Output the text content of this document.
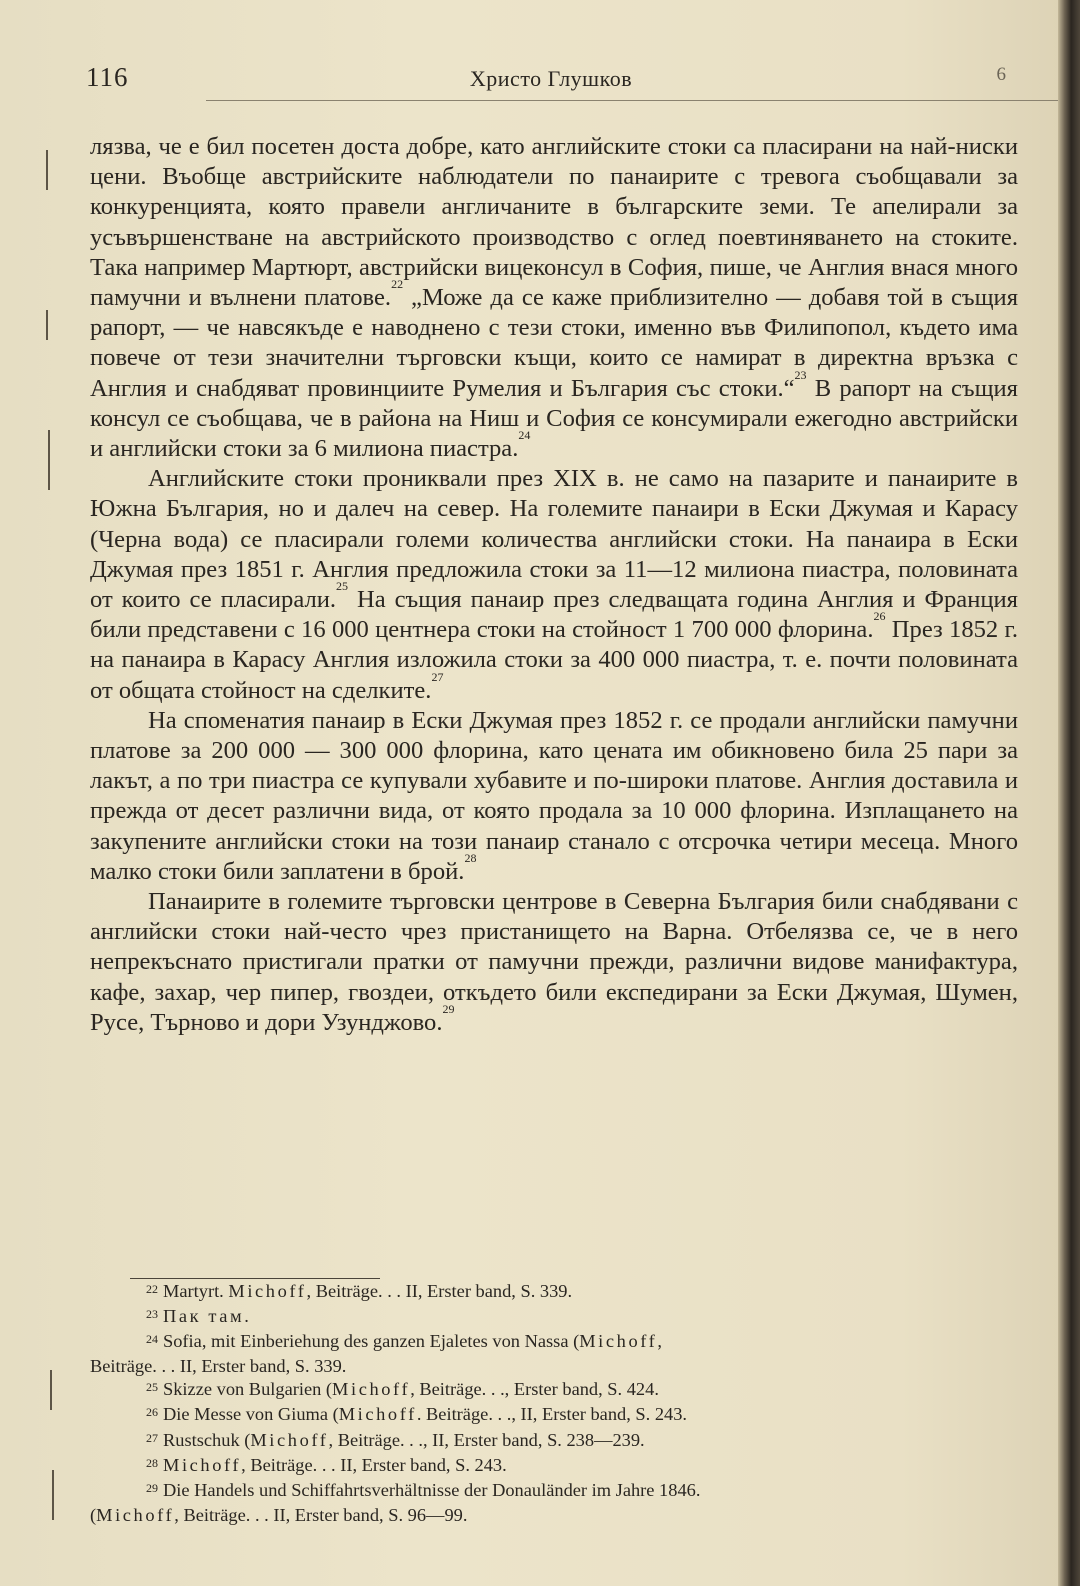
116	Христо Глушков	6

лязва, че е бил посетен доста добре, като английските стоки са пласирани на най-ниски цени. Въобще австрийските наблюдатели по панаирите с тревога съобщавали за конкуренцията, която правели англичаните в българските земи. Те апелирали за усъвършенстване на австрийското производство с оглед поевтиняването на стоките. Така например Мартюрт, австрийски вицеконсул в София, пише, че Англия внася много памучни и вълнени платове.$^{22}$ „Може да се каже приблизително — добавя той в същия рапорт, — че навсякъде е наводнено с тези стоки, именно във Филипопол, където има повече от тези значителни търговски къщи, които се намират в директна връзка с Англия и снабдяват провинциите Румелия и България със стоки.“$^{23}$ В рапорт на същия консул се съобщава, че в района на Ниш и София се консумирали ежегодно австрийски и английски стоки за 6 милиона пиастра.$^{24}$

Английските стоки прониквали през XIX в. не само на пазарите и панаирите в Южна България, но и далеч на север. На големите панаири в Ески Джумая и Карасу (Черна вода) се пласирали големи количества английски стоки. На панаира в Ески Джумая през 1851 г. Англия предложила стоки за 11—12 милиона пиастра, половината от които се пласирали.$^{25}$ На същия панаир през следващата година Англия и Франция били представени с 16 000 центнера стоки на стойност 1 700 000 флорина.$^{26}$ През 1852 г. на панаира в Карасу Англия изложила стоки за 400 000 пиастра, т. е. почти половината от общата стойност на сделките.$^{27}$

На споменатия панаир в Ески Джумая през 1852 г. се продали английски памучни платове за 200 000 — 300 000 флорина, като цената им обикновено била 25 пари за лакът, а по три пиастра се купували хубавите и по-широки платове. Англия доставила и прежда от десет различни вида, от която продала за 10 000 флорина. Изплащането на закупените английски стоки на този панаир станало с отсрочка четири месеца. Много малко стоки били заплатени в брой.$^{28}$

Панаирите в големите търговски центрове в Северна България били снабдявани с английски стоки най-често чрез пристанището на Варна. Отбелязва се, че в него непрекъснато пристигали пратки от памучни прежди, различни видове манифактура, кафе, захар, чер пипер, гвоздеи, откъдето били експедирани за Ески Джумая, Шумен, Русе, Търново и дори Узунджово.$^{29}$

$^{22}$ Martyrt. Michoff, Beiträge. . . II, Erster band, S. 339.

$^{23}$ Пак там.

$^{24}$ Sofia, mit Einberiehung des ganzen Ejaletes von Nassa (Michoff,

Beiträge. . . II, Erster band, S. 339.

$^{25}$ Skizze von Bulgarien (Michoff, Beiträge. . ., Erster band, S. 424.

$^{26}$ Die Messe von Giuma (Michoff. Beiträge. . ., II, Erster band, S. 243.

$^{27}$ Rustschuk (Michoff, Beiträge. . ., II, Erster band, S. 238—239.

$^{28}$ Michoff, Beiträge. . . II, Erster band, S. 243.

$^{29}$ Die Handels und Schiffahrtsverhältnisse der Donauländer im Jahre 1846.

(Michoff, Beiträge. . . II, Erster band, S. 96—99.
